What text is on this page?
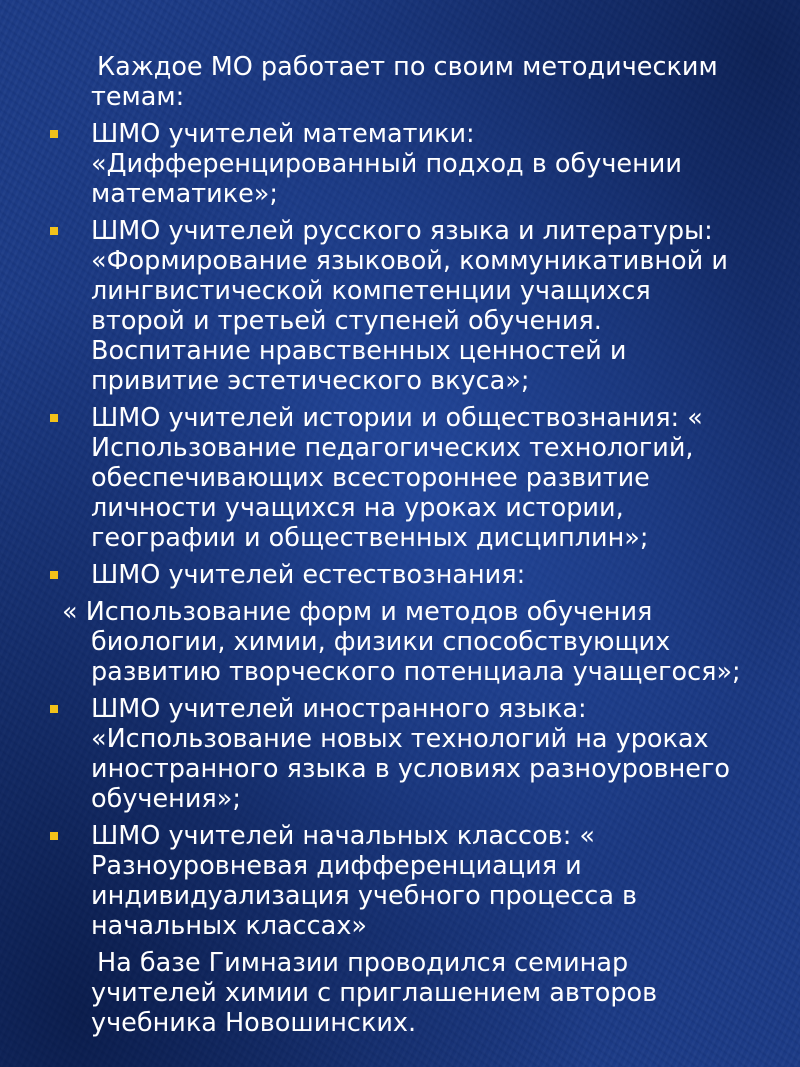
Каждое МО работает по своим методическим
темам:
ШМО учителей математики:
«Дифференцированный подход в обучении
математике»;
ШМО учителей русского языка и литературы:
«Формирование языковой, коммуникативной и
лингвистической компетенции учащихся
второй и третьей ступеней обучения.
Воспитание нравственных ценностей и
привитие эстетического вкуса»;
ШМО учителей истории и обществознания: «
Использование педагогических технологий,
обеспечивающих всестороннее развитие
личности учащихся на уроках истории,
географии и общественных дисциплин»;
ШМО учителей естествознания:
« Использование форм и методов обучения
биологии, химии, физики способствующих
развитию творческого потенциала учащегося»;
ШМО учителей иностранного языка:
«Использование новых технологий на уроках
иностранного языка в условиях разноуровнего
обучения»;
ШМО учителей начальных классов: «
Разноуровневая дифференциация и
индивидуализация учебного процесса в
начальных классах»
На базе Гимназии проводился семинар
учителей химии с приглашением авторов
учебника Новошинских.
